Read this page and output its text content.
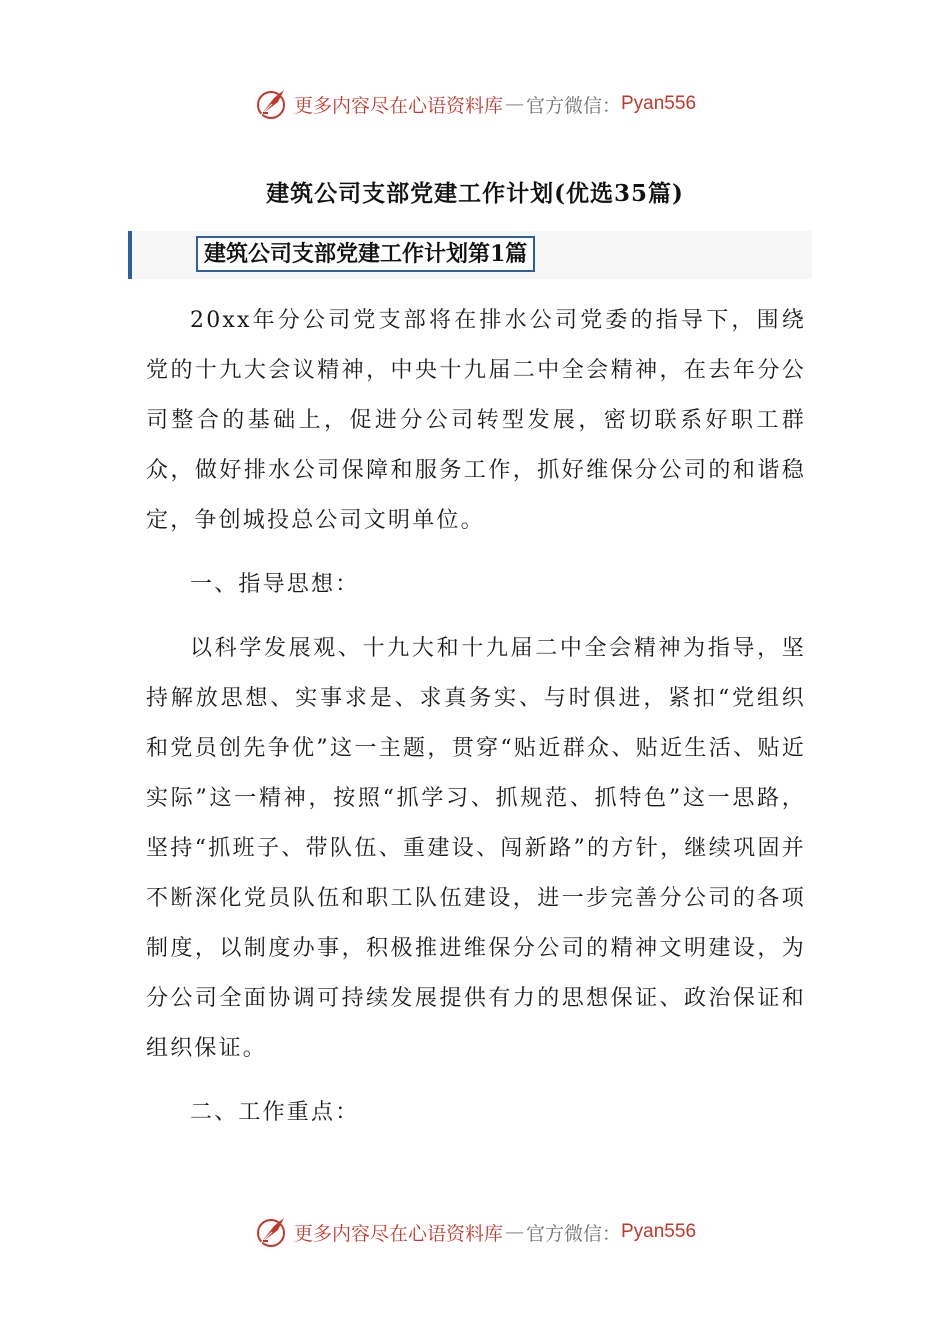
更多内容尽在心语资料库 — 官方微信： Pyan556
建筑公司支部党建工作计划(优选35篇)
建筑公司支部党建工作计划第1篇

20xx年分公司党支部将在排水公司党委的指导下，围绕党的十九大会议精神，中央十九届二中全会精神，在去年分公司整合的基础上，促进分公司转型发展，密切联系好职工群众，做好排水公司保障和服务工作，抓好维保分公司的和谐稳定，争创城投总公司文明单位。

一、指导思想：

以科学发展观、十九大和十九届二中全会精神为指导，坚持解放思想、实事求是、求真务实、与时俱进，紧扣“党组织和党员创先争优”这一主题，贯穿“贴近群众、贴近生活、贴近实际”这一精神，按照“抓学习、抓规范、抓特色”这一思路，坚持“抓班子、带队伍、重建设、闯新路”的方针，继续巩固并不断深化党员队伍和职工队伍建设，进一步完善分公司的各项制度，以制度办事，积极推进维保分公司的精神文明建设，为分公司全面协调可持续发展提供有力的思想保证、政治保证和组织保证。

二、工作重点：

更多内容尽在心语资料库 — 官方微信： Pyan556
